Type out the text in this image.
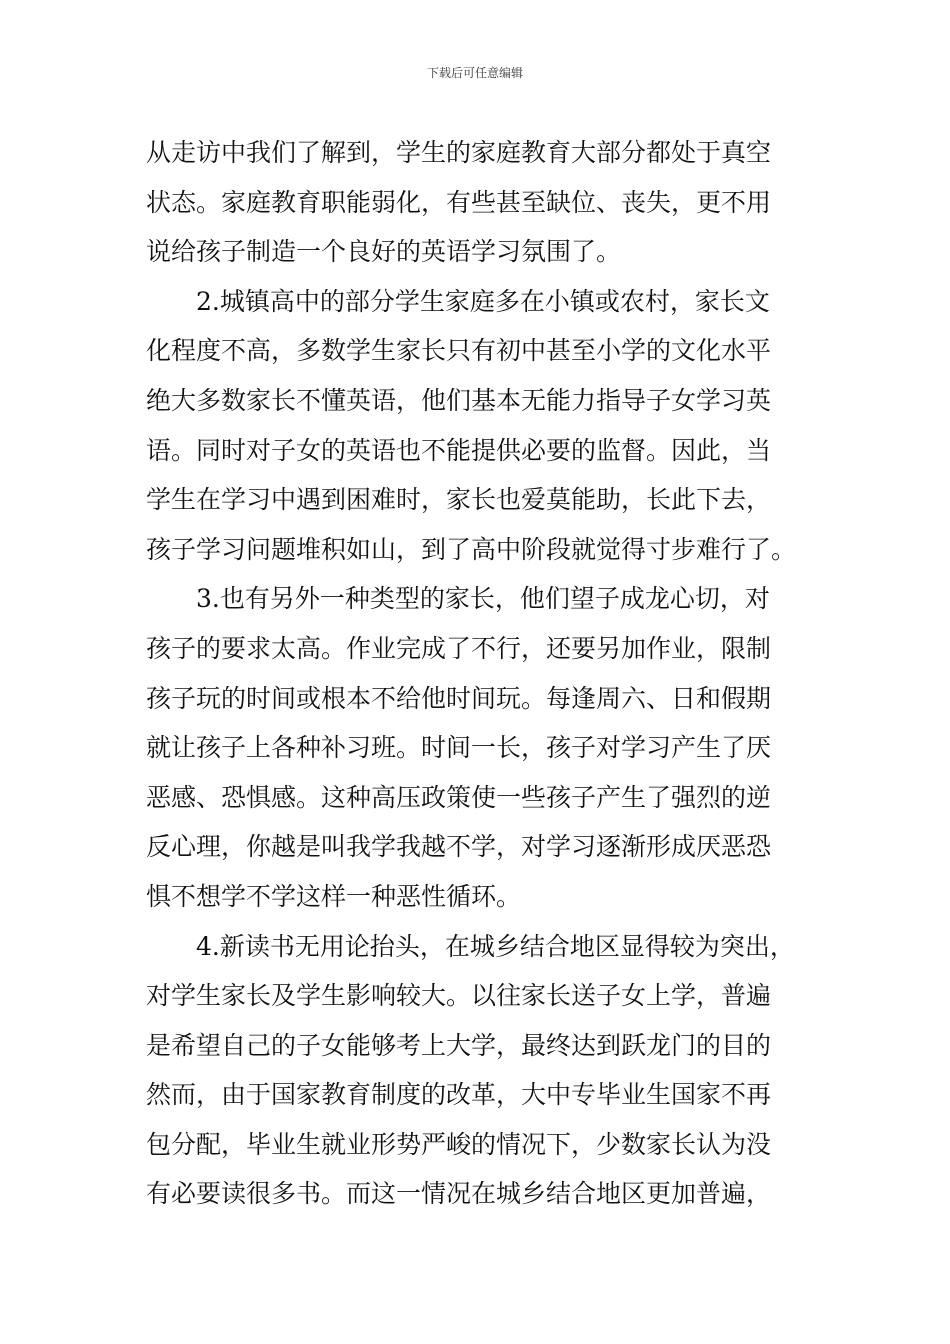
下载后可任意编辑
从走访中我们了解到，学生的家庭教育大部分都处于真空
状态。家庭教育职能弱化，有些甚至缺位、丧失，更不用
说给孩子制造一个良好的英语学习氛围了。
　　2.城镇高中的部分学生家庭多在小镇或农村，家长文
化程度不高，多数学生家长只有初中甚至小学的文化水平
绝大多数家长不懂英语，他们基本无能力指导子女学习英
语。同时对子女的英语也不能提供必要的监督。因此，当
学生在学习中遇到困难时，家长也爱莫能助，长此下去，
孩子学习问题堆积如山，到了高中阶段就觉得寸步难行了。
　　3.也有另外一种类型的家长，他们望子成龙心切，对
孩子的要求太高。作业完成了不行，还要另加作业，限制
孩子玩的时间或根本不给他时间玩。每逢周六、日和假期
就让孩子上各种补习班。时间一长，孩子对学习产生了厌
恶感、恐惧感。这种高压政策使一些孩子产生了强烈的逆
反心理，你越是叫我学我越不学，对学习逐渐形成厌恶恐
惧不想学不学这样一种恶性循环。
　　4.新读书无用论抬头，在城乡结合地区显得较为突出，
对学生家长及学生影响较大。以往家长送子女上学，普遍
是希望自己的子女能够考上大学，最终达到跃龙门的目的
然而，由于国家教育制度的改革，大中专毕业生国家不再
包分配，毕业生就业形势严峻的情况下，少数家长认为没
有必要读很多书。而这一情况在城乡结合地区更加普遍，
